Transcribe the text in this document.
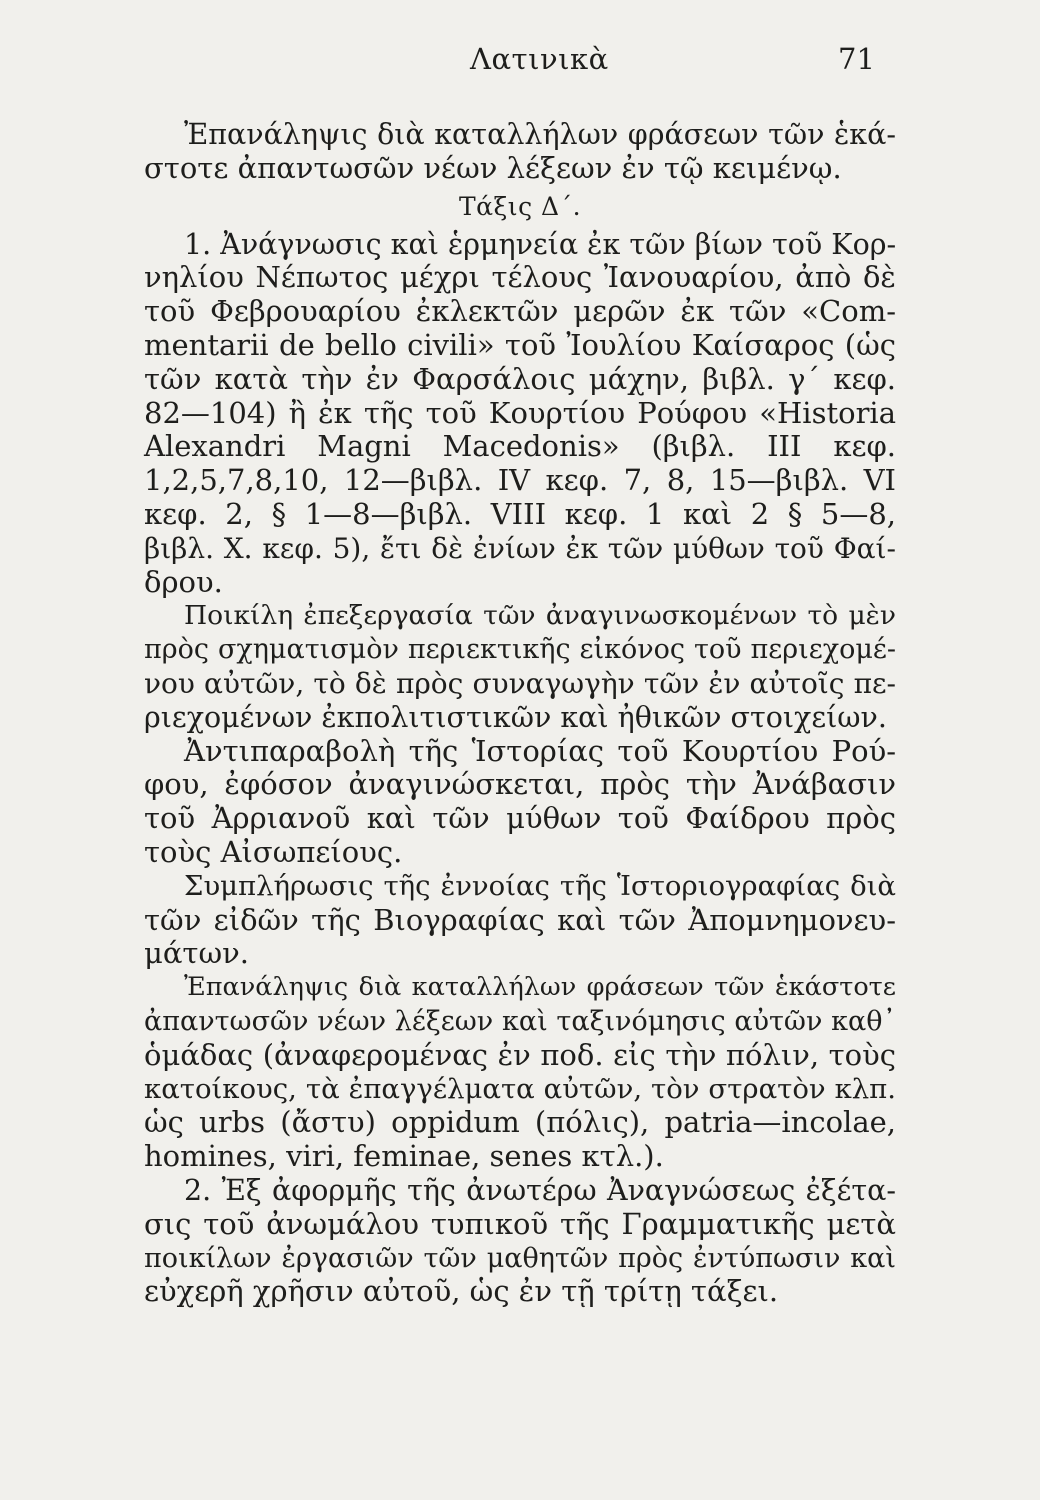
Λατινικὰ	71
Ἐπανάληψις διὰ καταλλήλων φράσεων τῶν ἑκά-
στοτε ἀπαντωσῶν νέων λέξεων ἐν τῷ κειμένῳ.
Τάξις Δ΄.
1. Ἀνάγνωσις καὶ ἑρμηνεία ἐκ τῶν βίων τοῦ Κορ-
νηλίου Νέπωτος μέχρι τέλους Ἰανουαρίου, ἀπὸ δὲ
τοῦ Φεβρουαρίου ἐκλεκτῶν μερῶν ἐκ τῶν «Com-
mentarii de bello civili» τοῦ Ἰουλίου Καίσαρος (ὡς
τῶν κατὰ τὴν ἐν Φαρσάλοις μάχην, βιβλ. γ΄ κεφ.
82—104) ἢ ἐκ τῆς τοῦ Κουρτίου Ρούφου «Historia
Alexandri Magni Macedonis» (βιβλ. III κεφ.
1,2,5,7,8,10, 12—βιβλ. IV κεφ. 7, 8, 15—βιβλ. VI
κεφ. 2, § 1—8—βιβλ. VIII κεφ. 1 καὶ 2 § 5—8,
βιβλ. X. κεφ. 5), ἔτι δὲ ἐνίων ἐκ τῶν μύθων τοῦ Φαί-
δρου.
Ποικίλη ἐπεξεργασία τῶν ἀναγινωσκομένων τὸ μὲν
πρὸς σχηματισμὸν περιεκτικῆς εἰκόνος τοῦ περιεχομέ-
νου αὐτῶν, τὸ δὲ πρὸς συναγωγὴν τῶν ἐν αὐτοῖς πε-
ριεχομένων ἐκπολιτιστικῶν καὶ ἠθικῶν στοιχείων.
Ἀντιπαραβολὴ τῆς Ἱστορίας τοῦ Κουρτίου Ρού-
φου, ἐφόσον ἀναγινώσκεται, πρὸς τὴν Ἀνάβασιν
τοῦ Ἀρριανοῦ καὶ τῶν μύθων τοῦ Φαίδρου πρὸς
τοὺς Αἰσωπείους.
Συμπλήρωσις τῆς ἐννοίας τῆς Ἱστοριογραφίας διὰ
τῶν εἰδῶν τῆς Βιογραφίας καὶ τῶν Ἀπομνημονευ-
μάτων.
Ἐπανάληψις διὰ καταλλήλων φράσεων τῶν ἑκάστοτε
ἀπαντωσῶν νέων λέξεων καὶ ταξινόμησις αὐτῶν καθ᾽
ὁμάδας (ἀναφερομένας ἐν ποδ. εἰς τὴν πόλιν, τοὺς
κατοίκους, τὰ ἐπαγγέλματα αὐτῶν, τὸν στρατὸν κλπ.
ὡς urbs (ἄστυ) oppidum (πόλις), patria—incolae,
homines, viri, feminae, senes κτλ.).
2. Ἐξ ἀφορμῆς τῆς ἀνωτέρω Ἀναγνώσεως ἐξέτα-
σις τοῦ ἀνωμάλου τυπικοῦ τῆς Γραμματικῆς μετὰ
ποικίλων ἐργασιῶν τῶν μαθητῶν πρὸς ἐντύπωσιν καὶ
εὐχερῆ χρῆσιν αὐτοῦ, ὡς ἐν τῇ τρίτῃ τάξει.
